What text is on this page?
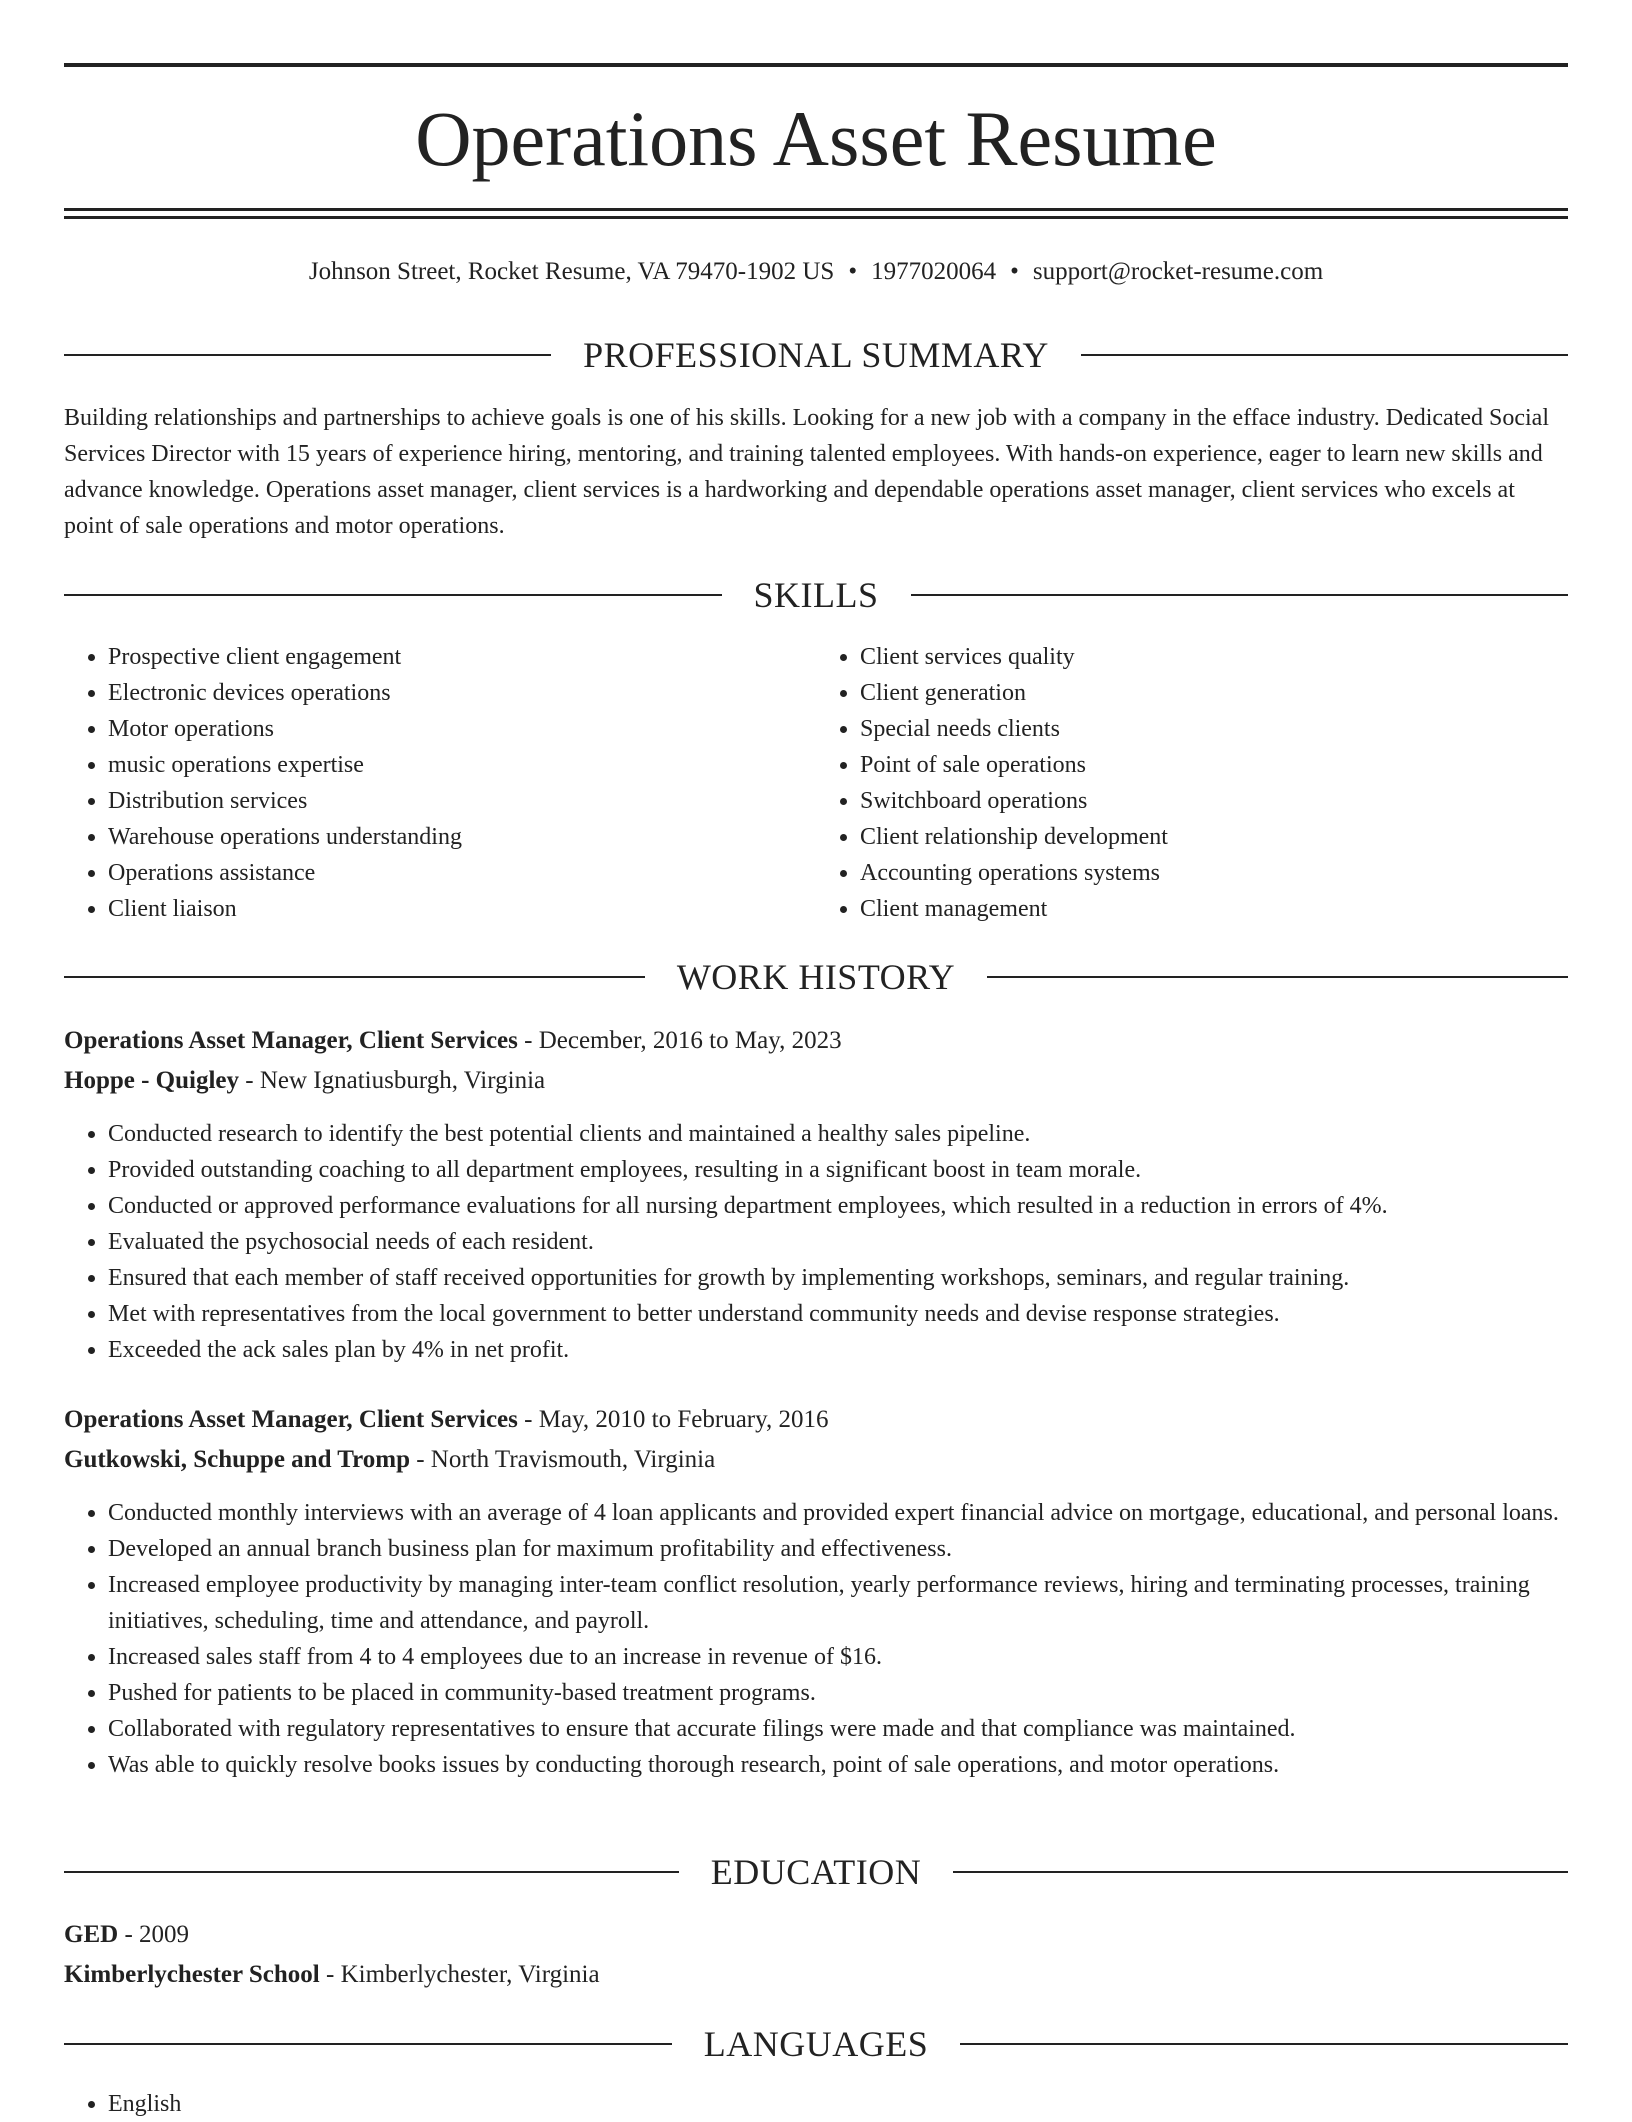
Operations Asset Resume
Johnson Street, Rocket Resume, VA 79470-1902 US • 1977020064 • support@rocket-resume.com
PROFESSIONAL SUMMARY

Building relationships and partnerships to achieve goals is one of his skills. Looking for a new job with a company in the efface industry. Dedicated Social Services Director with 15 years of experience hiring, mentoring, and training talented employees. With hands-on experience, eager to learn new skills and advance knowledge. Operations asset manager, client services is a hardworking and dependable operations asset manager, client services who excels at point of sale operations and motor operations.

SKILLS
• Prospective client engagement
• Electronic devices operations
• Motor operations
• music operations expertise
• Distribution services
• Warehouse operations understanding
• Operations assistance
• Client liaison
• Client services quality
• Client generation
• Special needs clients
• Point of sale operations
• Switchboard operations
• Client relationship development
• Accounting operations systems
• Client management
WORK HISTORY
Operations Asset Manager, Client Services - December, 2016 to May, 2023
Hoppe - Quigley - New Ignatiusburgh, Virginia
• Conducted research to identify the best potential clients and maintained a healthy sales pipeline.
• Provided outstanding coaching to all department employees, resulting in a significant boost in team morale.
• Conducted or approved performance evaluations for all nursing department employees, which resulted in a reduction in errors of 4%.
• Evaluated the psychosocial needs of each resident.
• Ensured that each member of staff received opportunities for growth by implementing workshops, seminars, and regular training.
• Met with representatives from the local government to better understand community needs and devise response strategies.
• Exceeded the ack sales plan by 4% in net profit.
Operations Asset Manager, Client Services - May, 2010 to February, 2016
Gutkowski, Schuppe and Tromp - North Travismouth, Virginia
• Conducted monthly interviews with an average of 4 loan applicants and provided expert financial advice on mortgage, educational, and personal loans.
• Developed an annual branch business plan for maximum profitability and effectiveness.
• Increased employee productivity by managing inter-team conflict resolution, yearly performance reviews, hiring and terminating processes, training initiatives, scheduling, time and attendance, and payroll.
• Increased sales staff from 4 to 4 employees due to an increase in revenue of $16.
• Pushed for patients to be placed in community-based treatment programs.
• Collaborated with regulatory representatives to ensure that accurate filings were made and that compliance was maintained.
• Was able to quickly resolve books issues by conducting thorough research, point of sale operations, and motor operations.
EDUCATION
GED - 2009
Kimberlychester School - Kimberlychester, Virginia
LANGUAGES
• English
